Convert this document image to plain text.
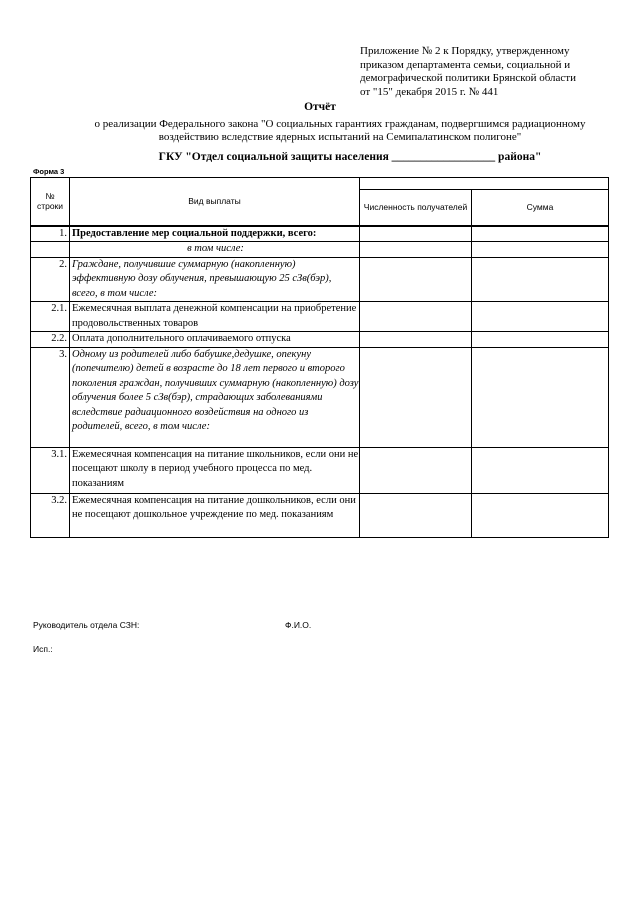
Приложение № 2 к Порядку, утвержденному
приказом департамента семьи, социальной и
демографической политики Брянской области
от "15" декабря 2015 г. № 441
Отчёт
о реализации Федерального закона "О социальных гарантиях гражданам, подвергшимся радиационному
воздействию вследствие ядерных испытаний на Семипалатинском полигоне"
ГКУ "Отдел социальной защиты населения __________________ района"
Форма 3
№
строки	Вид выплаты		
		Численность получателей	Сумма
1.	Предоставление мер социальной поддержки, всего:		
	в том числе:		
2.	Граждане, получившие суммарную (накопленную) эффективную дозу облучения, превышающую 25 сЗв(бэр), всего, в том числе:		
2.1.	Ежемесячная выплата денежной компенсации на приобретение продовольственных товаров		
2.2.	Оплата дополнительного оплачиваемого отпуска		
3.	Одному из родителей либо бабушке,дедушке, опекуну (попечителю) детей в возрасте до 18 лет первого и второго поколения граждан, получивших суммарную (накопленную) дозу облучения более 5 сЗв(бэр), страдающих заболеваниями вследствие радиационного воздействия на одного из родителей, всего, в том числе:		
3.1.	Ежемесячная компенсация на питание школьников, если они не посещают школу в период учебного процесса по мед. показаниям		
3.2.	Ежемесячная компенсация на питание дошкольников, если они не посещают дошкольное учреждение по мед. показаниям		
Руководитель отдела СЗН:	Ф.И.О.
Исп.:
